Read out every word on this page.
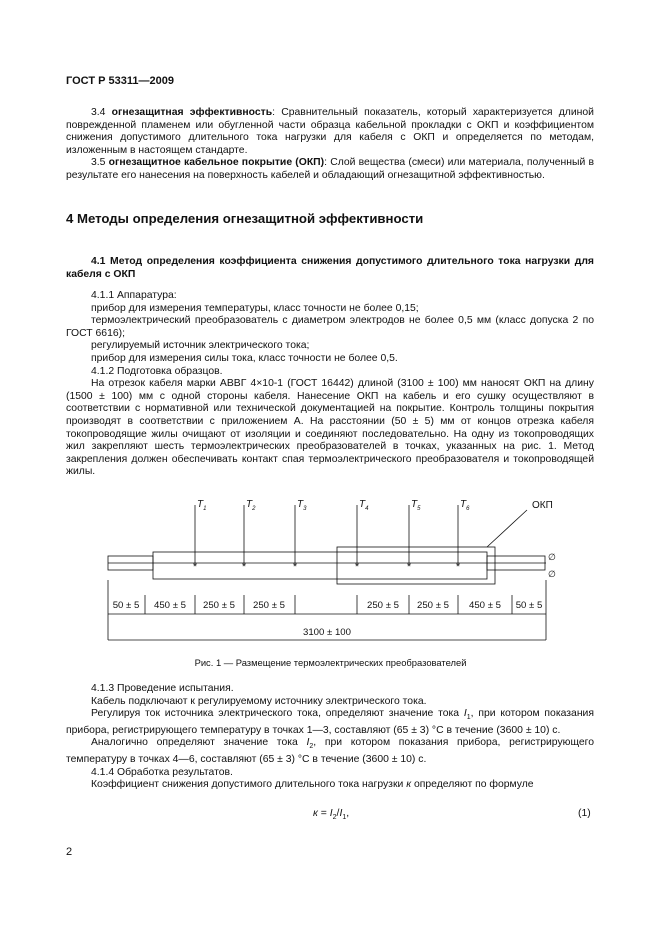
ГОСТ Р 53311—2009

3.4 огнезащитная эффективность: Сравнительный показатель, который характеризуется длиной поврежденной пламенем или обугленной части образца кабельной прокладки с ОКП и коэффициентом снижения допустимого длительного тока нагрузки для кабеля с ОКП и определяется по методам, изложенным в настоящем стандарте.

3.5 огнезащитное кабельное покрытие (ОКП): Слой вещества (смеси) или материала, полученный в результате его нанесения на поверхность кабелей и обладающий огнезащитной эффективностью.

4 Методы определения огнезащитной эффективности
4.1 Метод определения коэффициента снижения допустимого длительного тока нагрузки для кабеля с ОКП

4.1.1 Аппаратура:

прибор для измерения температуры, класс точности не более 0,15;

термоэлектрический преобразователь с диаметром электродов не более 0,5 мм (класс допуска 2 по ГОСТ 6616);

регулируемый источник электрического тока;

прибор для измерения силы тока, класс точности не более 0,5.

4.1.2 Подготовка образцов.

На отрезок кабеля марки АВВГ 4×10-1 (ГОСТ 16442) длиной (3100 ± 100) мм наносят ОКП на длину (1500 ± 100) мм с одной стороны кабеля. Нанесение ОКП на кабель и его сушку осуществляют в соответствии с нормативной или технической документацией на покрытие. Контроль толщины покрытия производят в соответствии с приложением А. На расстоянии (50 ± 5) мм от концов отрезка кабеля токопроводящие жилы очищают от изоляции и соединяют последовательно. На одну из токопроводящих жил закрепляют шесть термоэлектрических преобразователей в точках, указанных на рис. 1. Метод закрепления должен обеспечивать контакт спая термоэлектрического преобразователя и токопроводящей жилы.

$T_1$	$T_2$	$T_3$	$T_4$	$T_5$	$T_6$
*	*	*	*	*	*
ОКП
∅
∅
50 ± 5 450 ± 5 250 ± 5 250 ± 5	250 ± 5 250 ± 5 450 ± 5 50 ± 5
3100 ± 100
Рис. 1 — Размещение термоэлектрических преобразователей

4.1.3 Проведение испытания.

Кабель подключают к регулируемому источнику электрического тока.

Регулируя ток источника электрического тока, определяют значение тока $I_1$, при котором показания прибора, регистрирующего температуру в точках 1—3, составляют (65 ± 3) °С в течение (3600 ± 10) с.

Аналогично определяют значение тока $I_2$, при котором показания прибора, регистрирующего температуру в точках 4—6, составляют (65 ± 3) °С в течение (3600 ± 10) с.

4.1.4 Обработка результатов.

Коэффициент снижения допустимого длительного тока нагрузки к определяют по формуле

$к = I_2/I_1$,	(1)
2
